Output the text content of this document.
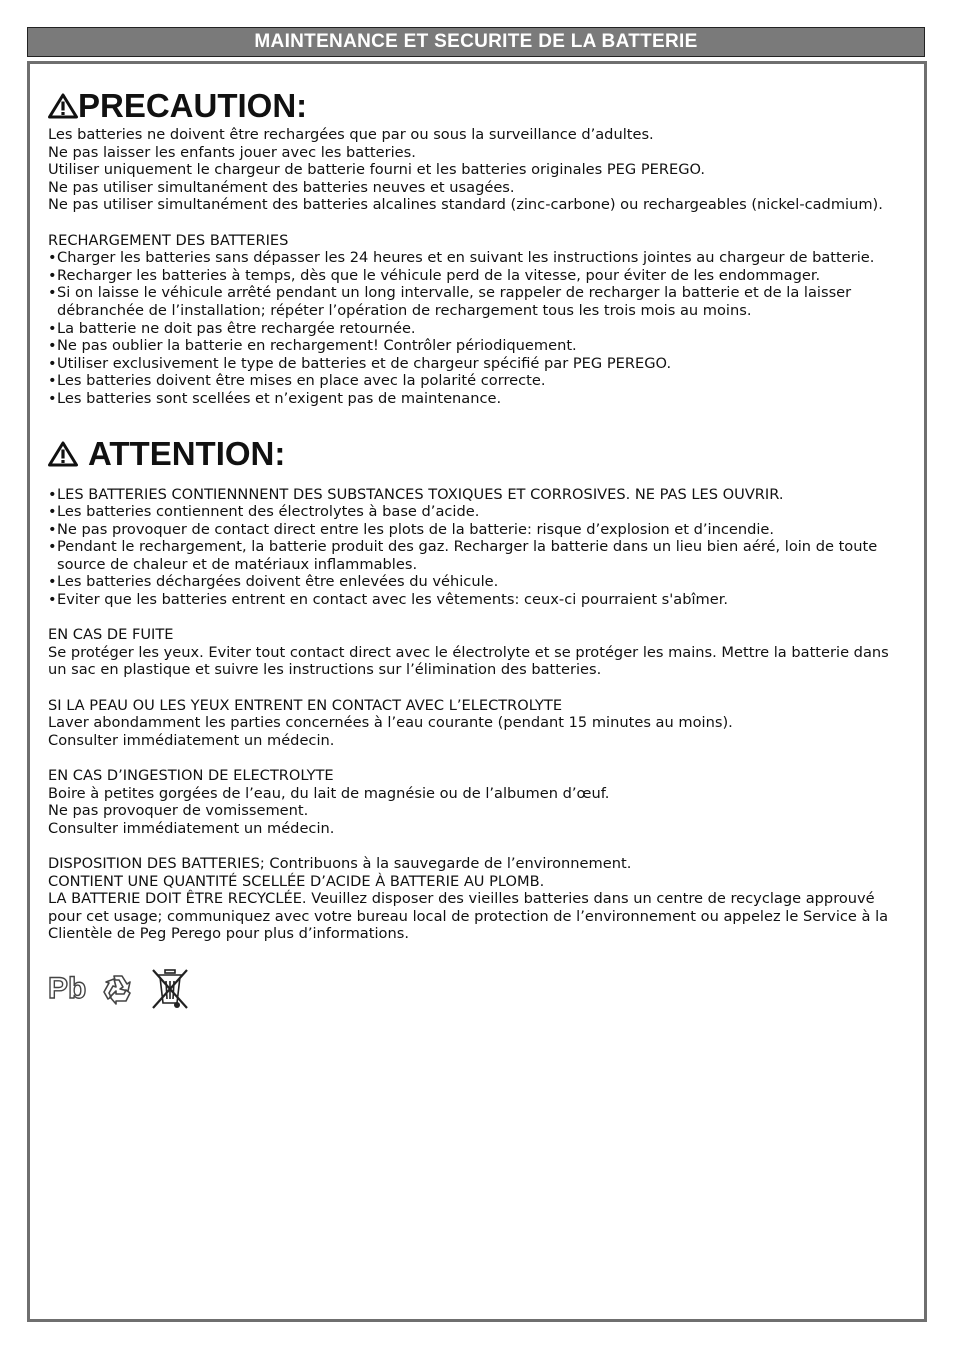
MAINTENANCE ET SECURITE DE LA BATTERIE
PRECAUTION:

Les batteries ne doivent être rechargées que par ou sous la surveillance d’adultes.

Ne pas laisser les enfants jouer avec les batteries.

Utiliser uniquement le chargeur de batterie fourni et les batteries originales PEG PEREGO.

Ne pas utiliser simultanément des batteries neuves et usagées.

Ne pas utiliser simultanément des batteries alcalines standard (zinc-carbone) ou rechargeables (nickel-cadmium).

RECHARGEMENT DES BATTERIES

• Charger les batteries sans dépasser les 24 heures et en suivant les instructions jointes au chargeur de batterie.

• Recharger les batteries à temps, dès que le véhicule perd de la vitesse, pour éviter de les endommager.

• Si on laisse le véhicule arrêté pendant un long intervalle, se rappeler de recharger la batterie et de la laisser débranchée de l’installation; répéter l’opération de rechargement tous les trois mois au moins.

• La batterie ne doit pas être rechargée retournée.

• Ne pas oublier la batterie en rechargement! Contrôler périodiquement.

• Utiliser exclusivement le type de batteries et de chargeur spécifié par PEG PEREGO.

• Les batteries doivent être mises en place avec la polarité correcte.

• Les batteries sont scellées et n’exigent pas de maintenance.

ATTENTION:

• LES BATTERIES CONTIENNNENT DES SUBSTANCES TOXIQUES ET CORROSIVES. NE PAS LES OUVRIR.

• Les batteries contiennent des électrolytes à base d’acide.

• Ne pas provoquer de contact direct entre les plots de la batterie: risque d’explosion et d’incendie.

• Pendant le rechargement, la batterie produit des gaz. Recharger la batterie dans un lieu bien aéré, loin de toute source de chaleur et de matériaux inflammables.

• Les batteries déchargées doivent être enlevées du véhicule.

• Eviter que les batteries entrent en contact avec les vêtements: ceux-ci pourraient s'abîmer.

EN CAS DE FUITE

Se protéger les yeux. Eviter tout contact direct avec le électrolyte et se protéger les mains. Mettre la batterie dans un sac en plastique et suivre les instructions sur l’élimination des batteries.

SI LA PEAU OU LES YEUX ENTRENT EN CONTACT AVEC L’ELECTROLYTE

Laver abondamment les parties concernées à l’eau courante (pendant 15 minutes au moins).

Consulter immédiatement un médecin.

EN CAS D’INGESTION DE ELECTROLYTE

Boire à petites gorgées de l’eau, du lait de magnésie ou de l’albumen d’œuf.

Ne pas provoquer de vomissement.

Consulter immédiatement un médecin.

DISPOSITION DES BATTERIES; Contribuons à la sauvegarde de l’environnement.

CONTIENT UNE QUANTITÉ SCELLÉE D’ACIDE À BATTERIE AU PLOMB.

LA BATTERIE DOIT ÊTRE RECYCLÉE. Veuillez disposer des vieilles batteries dans un centre de recyclage approuvé pour cet usage; communiquez avec votre bureau local de protection de l’environnement ou appelez le Service à la Clientèle de Peg Perego pour plus d’informations.

Pb
